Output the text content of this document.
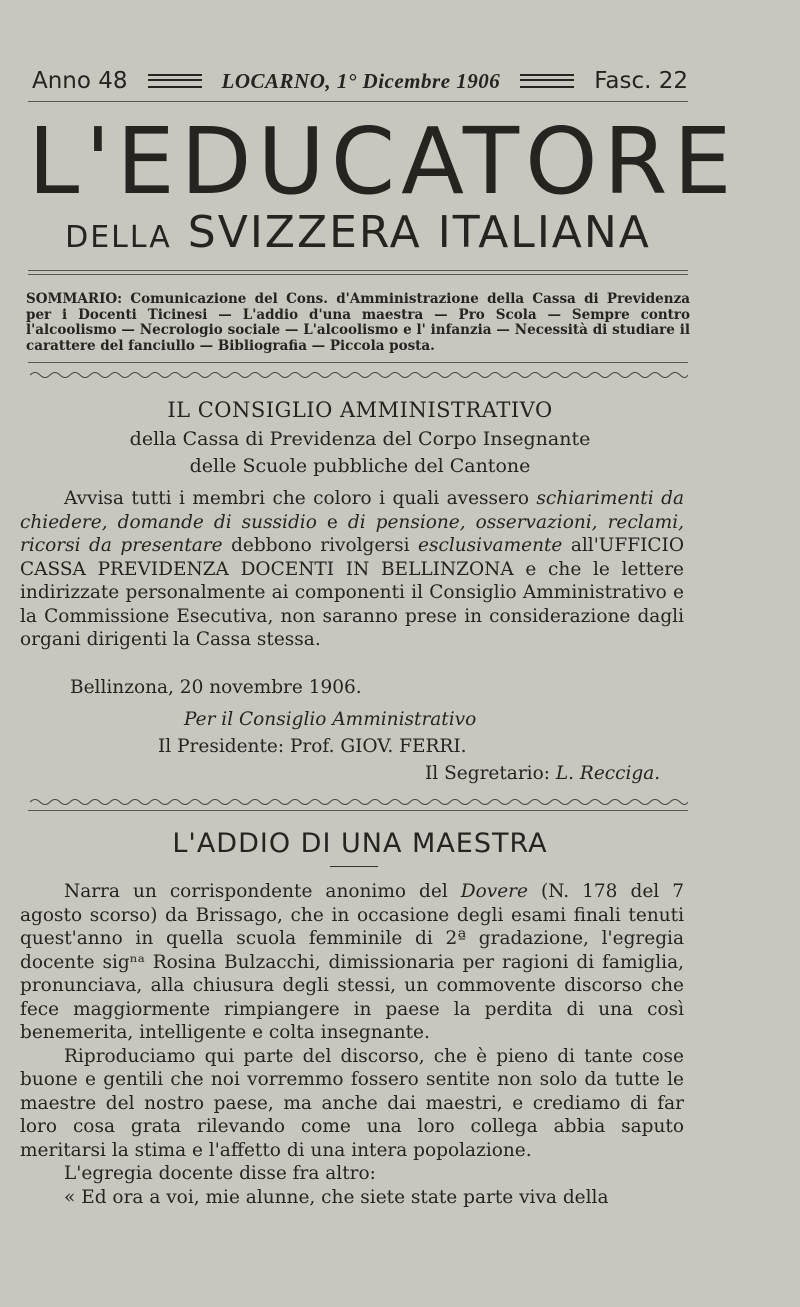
Anno 48	LOCARNO, 1° Dicembre 1906	Fasc. 22
L'EDUCATORE
DELLA SVIZZERA ITALIANA
SOMMARIO: Comunicazione del Cons. d'Amministrazione della Cassa di Previdenza per i Docenti Ticinesi — L'addio d'una maestra — Pro Scola — Sempre contro l'alcoolismo — Necrologio sociale — L'alcoolismo e l' infanzia — Necessità di studiare il carattere del fanciullo — Bibliografia — Piccola posta.
IL CONSIGLIO AMMINISTRATIVO
della Cassa di Previdenza del Corpo Insegnante
delle Scuole pubbliche del Cantone

Avvisa tutti i membri che coloro i quali avessero schiarimenti da chiedere, domande di sussidio e di pensione, osservazioni, reclami, ricorsi da presentare debbono rivolgersi esclusivamente all'UFFICIO CASSA PREVIDENZA DOCENTI IN BELLINZONA e che le lettere indirizzate personalmente ai componenti il Consiglio Amministrativo e la Commissione Esecutiva, non saranno prese in considerazione dagli organi dirigenti la Cassa stessa.

Bellinzona, 20 novembre 1906.
Per il Consiglio Amministrativo
Il Presidente: Prof. GIOV. FERRI.
Il Segretario: L. Rессіga.
L'ADDIO DI UNA MAESTRA

Narra un corrispondente anonimo del Dovere (N. 178 del 7 agosto scorso) da Brissago, che in occasione degli esami finali tenuti quest'anno in quella scuola femminile di 2ª gradazione, l'egregia docente sigⁿᵃ Rosina Bulzacchi, dimissionaria per ragioni di famiglia, pronunciava, alla chiusura degli stessi, un commovente discorso che fece maggiormente rimpiangere in paese la perdita di una così benemerita, intelligente e colta insegnante.

Riproduciamo qui parte del discorso, che è pieno di tante cose buone e gentili che noi vorremmo fossero sentite non solo da tutte le maestre del nostro paese, ma anche dai maestri, e crediamo di far loro cosa grata rilevando come una loro collega abbia saputo meritarsi la stima e l'affetto di una intera popolazione.

L'egregia docente disse fra altro:

« Ed ora a voi, mie alunne, che siete state parte viva della
